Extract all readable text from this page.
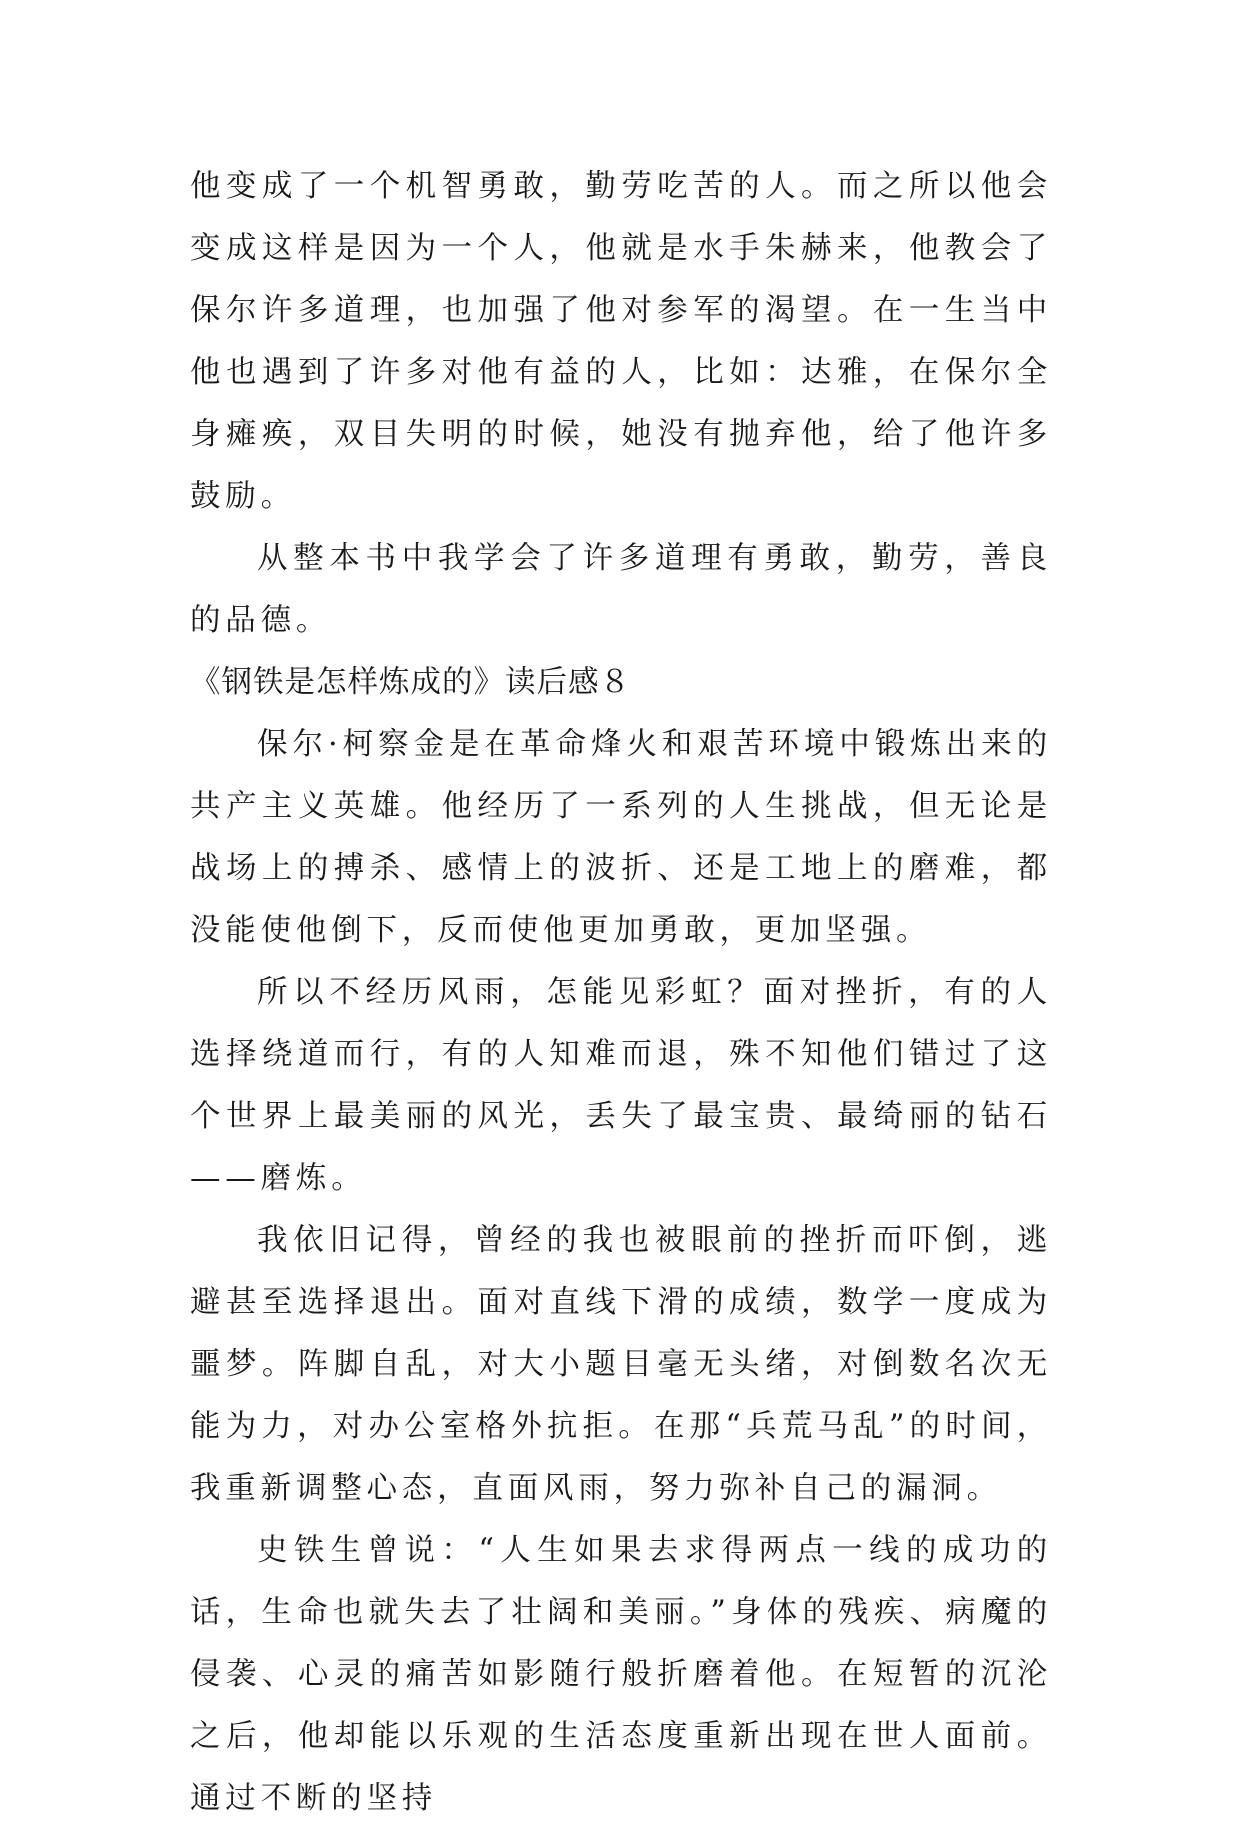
他变成了一个机智勇敢，勤劳吃苦的人。而之所以他会变成这样是因为一个人，他就是水手朱赫来，他教会了保尔许多道理，也加强了他对参军的渴望。在一生当中他也遇到了许多对他有益的人，比如：达雅，在保尔全身瘫痪，双目失明的时候，她没有抛弃他，给了他许多鼓励。

从整本书中我学会了许多道理有勇敢，勤劳，善良的品德。

《钢铁是怎样炼成的》读后感８

保尔·柯察金是在革命烽火和艰苦环境中锻炼出来的共产主义英雄。他经历了一系列的人生挑战，但无论是战场上的搏杀、感情上的波折、还是工地上的磨难，都没能使他倒下，反而使他更加勇敢，更加坚强。

所以不经历风雨，怎能见彩虹？面对挫折，有的人选择绕道而行，有的人知难而退，殊不知他们错过了这个世界上最美丽的风光，丢失了最宝贵、最绮丽的钻石——磨炼。

我依旧记得，曾经的我也被眼前的挫折而吓倒，逃避甚至选择退出。面对直线下滑的成绩，数学一度成为噩梦。阵脚自乱，对大小题目毫无头绪，对倒数名次无能为力，对办公室格外抗拒。在那“兵荒马乱”的时间，我重新调整心态，直面风雨，努力弥补自己的漏洞。

史铁生曾说：“人生如果去求得两点一线的成功的话，生命也就失去了壮阔和美丽。”身体的残疾、病魔的侵袭、心灵的痛苦如影随行般折磨着他。在短暂的沉沦之后，他却能以乐观的生活态度重新出现在世人面前。通过不断的坚持
